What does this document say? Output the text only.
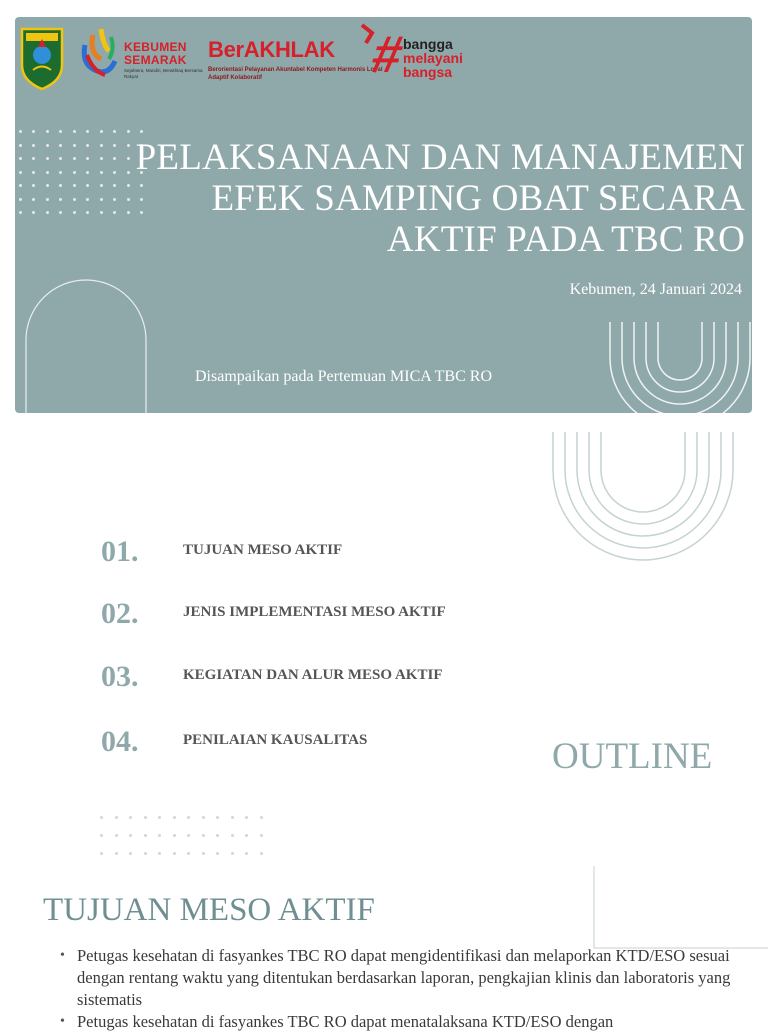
KEBUMEN
SEMARAK
Sejahtera, Mandiri, Berakhlaq Bersama Rakyat
BerAKHLAK
Berorientasi Pelayanan Akuntabel Kompeten Harmonis Loyal Adaptif Kolaboratif	#
bangga
melayani
bangsa
PELAKSANAAN DAN MANAJEMEN
EFEK SAMPING OBAT SECARA
AKTIF PADA TBC RO
Kebumen, 24 Januari 2024
Disampaikan pada Pertemuan MICA TBC RO
01.	TUJUAN MESO AKTIF
02.	JENIS IMPLEMENTASI MESO AKTIF
03.	KEGIATAN DAN ALUR MESO AKTIF
04.	PENILAIAN KAUSALITAS	OUTLINE
TUJUAN MESO AKTIF
• Petugas kesehatan di fasyankes TBC RO dapat mengidentifikasi dan melaporkan KTD/ESO sesuai dengan rentang waktu yang ditentukan berdasarkan laporan, pengkajian klinis dan laboratoris yang sistematis
• Petugas kesehatan di fasyankes TBC RO dapat menatalaksana KTD/ESO dengan
